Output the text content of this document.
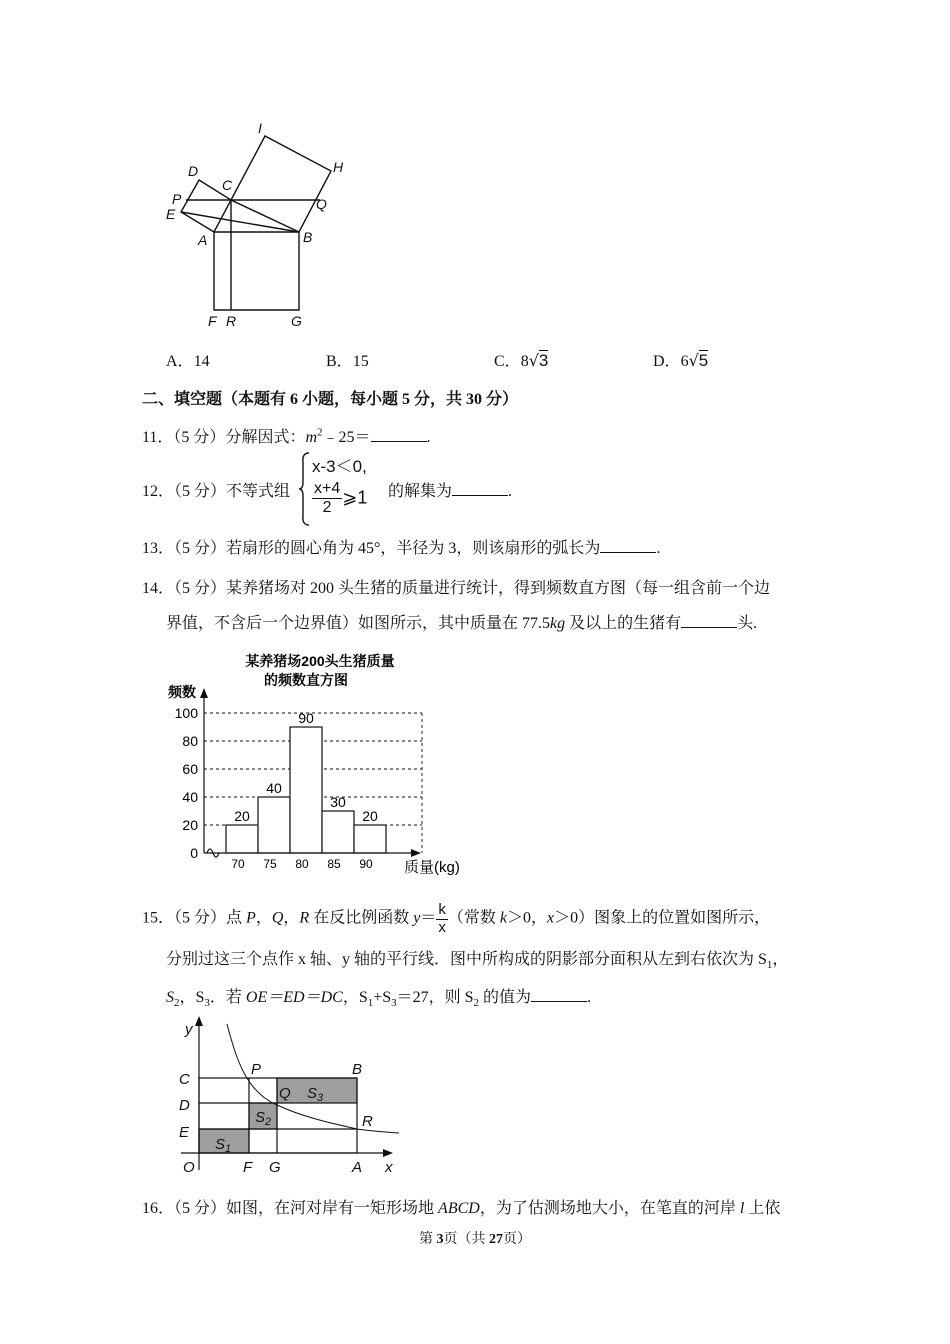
I
H
D
C
P	Q
E
A	B
F R	G
A．14	B．15	C．8√3	D．6√5
二、填空题（本题有 6 小题，每小题 5 分，共 30 分）
11．（5 分）分解因式：$m^2﹣25=$	.
12．（5 分）不等式组
x-3＜0,
$\frac{x+4}{2}$ ⩾1 的解集为	.
13．（5 分）若扇形的圆心角为 45°，半径为 3，则该扇形的弧长为	.
14．（5 分）某养猪场对 200 头生猪的质量进行统计，得到频数直方图（每一组含前一个边
界值，不含后一个边界值）如图所示，其中质量在 77.5kg 及以上的生猪有	头.
某养猪场200头生猪质量
的频数直方图
频数
质量(kg)
20
40
90
30
20
0
20
40
60
80
100
70 75 80 85 90
15．（5 分）点 P，Q，R 在反比例函数 $y= \frac{k}{x}$ （常数 k＞0，x＞0）图象上的位置如图所示，
分别过这三个点作 x 轴、y 轴的平行线．图中所构成的阴影部分面积从左到右依次为 $S_1$，
$S_2$，$S_3$．若 OE＝ED＝DC，$S_1+S_3=27$，则 $S_2$ 的值为	.
y
C
P	B
Q $S_3$
D
$S_2$	R
E
$S_1$
O	F G	A x
16．（5 分）如图，在河对岸有一矩形场地 ABCD，为了估测场地大小，在笔直的河岸 l 上依
第 3页（共 27页）
